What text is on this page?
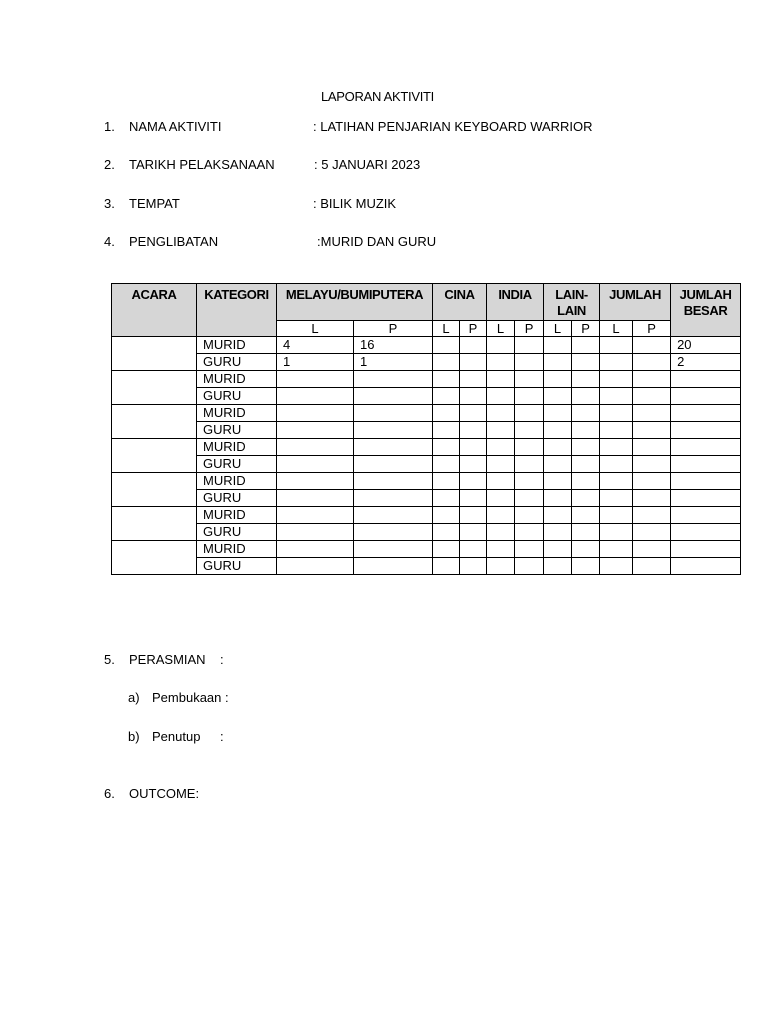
LAPORAN AKTIVITI
1. NAMA AKTIVITI	: LATIHAN PENJARIAN KEYBOARD WARRIOR
2. TARIKH PELAKSANAAN	: 5 JANUARI 2023
3. TEMPAT	: BILIK MUZIK
4. PENGLIBATAN	:MURID DAN GURU
ACARA	KATEGORI	MELAYU/BUMIPUTERA		CINA		INDIA		LAIN-LAIN		JUMLAH		JUMLAH BESAR
		L	P	L	P	L	P	L	P	L	P	
	MURID	4	16									20
	GURU	1	1									2
	MURID											
	GURU											
	MURID											
	GURU											
	MURID											
	GURU											
	MURID											
	GURU											
	MURID											
	GURU											
	MURID											
	GURU											
5. PERASMIAN :
a) Pembukaan :
b) Penutup :
6. OUTCOME:
